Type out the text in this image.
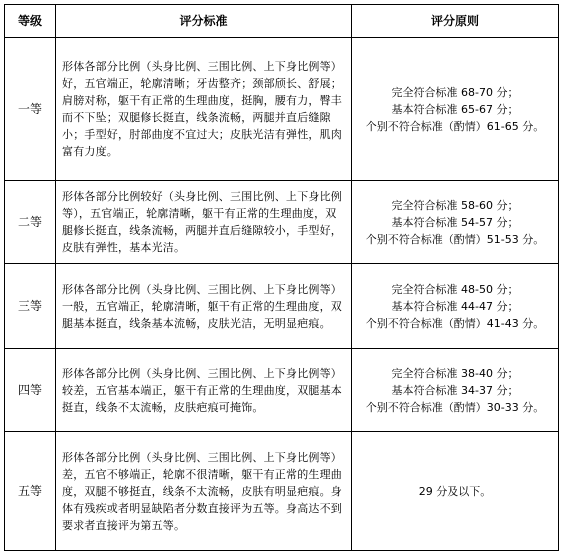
等级	评分标准	评分原则
一等	形体各部分比例（头身比例、三围比例、上下身比例等）好，五官端正，轮廓清晰；牙齿整齐；颈部颀长、舒展；肩膀对称，躯干有正常的生理曲度，挺胸，腰有力，臀丰而不下坠；双腿修长挺直，线条流畅，两腿并直后缝隙小；手型好，肘部曲度不宜过大；皮肤光洁有弹性，肌肉富有力度。	完全符合标准 68-70 分；
基本符合标准 65-67 分；
个别不符合标准（酌情）61-65 分。

二等	形体各部分比例较好（头身比例、三围比例、上下身比例等），五官端正，轮廓清晰，躯干有正常的生理曲度，双腿修长挺直，线条流畅，两腿并直后缝隙较小，手型好，皮肤有弹性，基本光洁。	完全符合标准 58-60 分；
基本符合标准 54-57 分；
个别不符合标准（酌情）51-53 分。

三等	形体各部分比例（头身比例、三围比例、上下身比例等）一般，五官端正，轮廓清晰，躯干有正常的生理曲度，双腿基本挺直，线条基本流畅，皮肤光洁，无明显疤痕。	完全符合标准 48-50 分；
基本符合标准 44-47 分；
个别不符合标准（酌情）41-43 分。

四等	形体各部分比例（头身比例、三围比例、上下身比例等）较差，五官基本端正，躯干有正常的生理曲度，双腿基本挺直，线条不太流畅，皮肤疤痕可掩饰。	完全符合标准 38-40 分；
基本符合标准 34-37 分；
个别不符合标准（酌情）30-33 分。

五等	形体各部分比例（头身比例、三围比例、上下身比例等）差，五官不够端正，轮廓不很清晰，躯干有正常的生理曲度，双腿不够挺直，线条不太流畅，皮肤有明显疤痕。身体有残疾或者明显缺陷者分数直接评为五等。身高达不到要求者直接评为第五等。	29 分及以下。
